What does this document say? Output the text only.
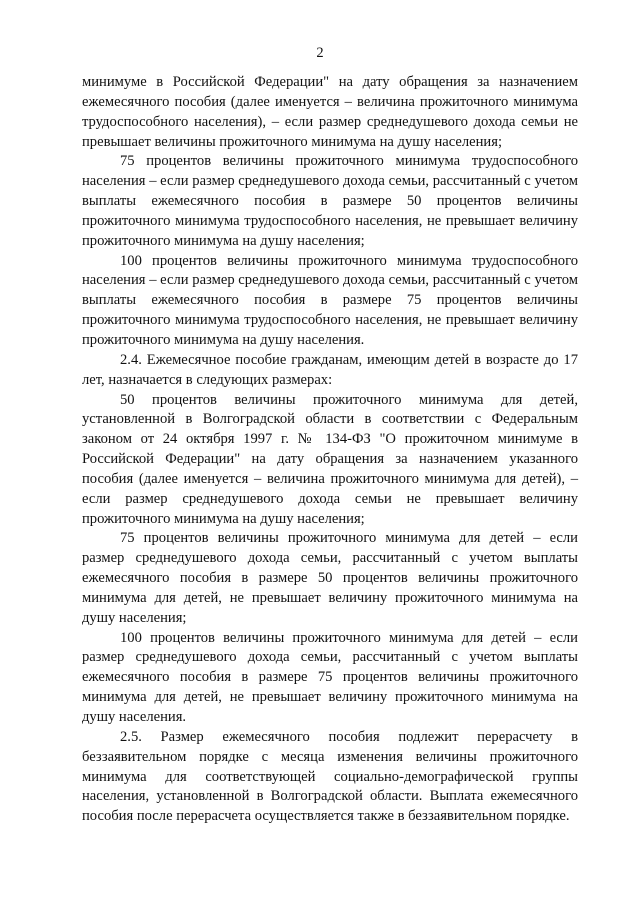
2

минимуме в Российской Федерации" на дату обращения за назначением ежемесячного пособия (далее именуется – величина прожиточного минимума трудоспособного населения), – если размер среднедушевого дохода семьи не превышает величины прожиточного минимума на душу населения;

75 процентов величины прожиточного минимума трудоспособного населения – если размер среднедушевого дохода семьи, рассчитанный с учетом выплаты ежемесячного пособия в размере 50 процентов величины прожиточного минимума трудоспособного населения, не превышает величину прожиточного минимума на душу населения;

100 процентов величины прожиточного минимума трудоспособного населения – если размер среднедушевого дохода семьи, рассчитанный с учетом выплаты ежемесячного пособия в размере 75 процентов величины прожиточного минимума трудоспособного населения, не превышает величину прожиточного минимума на душу населения.

2.4. Ежемесячное пособие гражданам, имеющим детей в возрасте до 17 лет, назначается в следующих размерах:

50 процентов величины прожиточного минимума для детей, установленной в Волгоградской области в соответствии с Федеральным законом от 24 октября 1997 г. № 134-ФЗ "О прожиточном минимуме в Российской Федерации" на дату обращения за назначением указанного пособия (далее именуется – величина прожиточного минимума для детей), – если размер среднедушевого дохода семьи не превышает величину прожиточного минимума на душу населения;

75 процентов величины прожиточного минимума для детей – если размер среднедушевого дохода семьи, рассчитанный с учетом выплаты ежемесячного пособия в размере 50 процентов величины прожиточного минимума для детей, не превышает величину прожиточного минимума на душу населения;

100 процентов величины прожиточного минимума для детей – если размер среднедушевого дохода семьи, рассчитанный с учетом выплаты ежемесячного пособия в размере 75 процентов величины прожиточного минимума для детей, не превышает величину прожиточного минимума на душу населения.

2.5. Размер ежемесячного пособия подлежит перерасчету в беззаявительном порядке с месяца изменения величины прожиточного минимума для соответствующей социально-демографической группы населения, установленной в Волгоградской области. Выплата ежемесячного пособия после перерасчета осуществляется также в беззаявительном порядке.
